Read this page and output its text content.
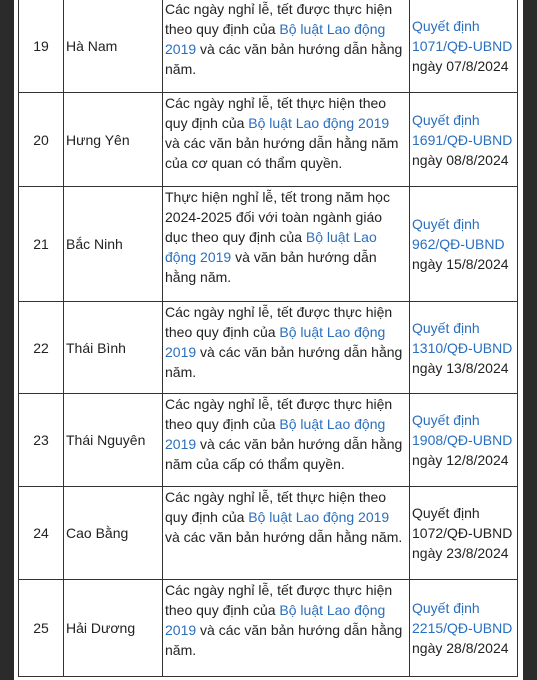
19	Hà Nam	Các ngày nghỉ lễ, tết được thực hiện theo quy định của Bộ luật Lao động 2019 và các văn bản hướng dẫn hằng năm.	Quyết định 1071/QĐ-UBND ngày 07/8/2024
20	Hưng Yên	Các ngày nghỉ lễ, tết thực hiện theo quy định của Bộ luật Lao động 2019 và các văn bản hướng dẫn hằng năm của cơ quan có thẩm quyền.	Quyết định 1691/QĐ-UBND ngày 08/8/2024
21	Bắc Ninh	Thực hiện nghỉ lễ, tết trong năm học 2024-2025 đối với toàn ngành giáo dục theo quy định của Bộ luật Lao động 2019 và văn bản hướng dẫn hằng năm.	Quyết định 962/QĐ-UBND ngày 15/8/2024
22	Thái Bình	Các ngày nghỉ lễ, tết được thực hiện theo quy định của Bộ luật Lao động 2019 và các văn bản hướng dẫn hằng năm.	Quyết định 1310/QĐ-UBND ngày 13/8/2024
23	Thái Nguyên	Các ngày nghỉ lễ, tết được thực hiện theo quy định của Bộ luật Lao động 2019 và các văn bản hướng dẫn hằng năm của cấp có thẩm quyền.	Quyết định 1908/QĐ-UBND ngày 12/8/2024
24	Cao Bằng	Các ngày nghỉ lễ, tết thực hiện theo quy định của Bộ luật Lao động 2019 và các văn bản hướng dẫn hằng năm.	Quyết định 1072/QĐ-UBND ngày 23/8/2024
25	Hải Dương	Các ngày nghỉ lễ, tết được thực hiện theo quy định của Bộ luật Lao động 2019 và các văn bản hướng dẫn hằng năm.	Quyết định 2215/QĐ-UBND ngày 28/8/2024
